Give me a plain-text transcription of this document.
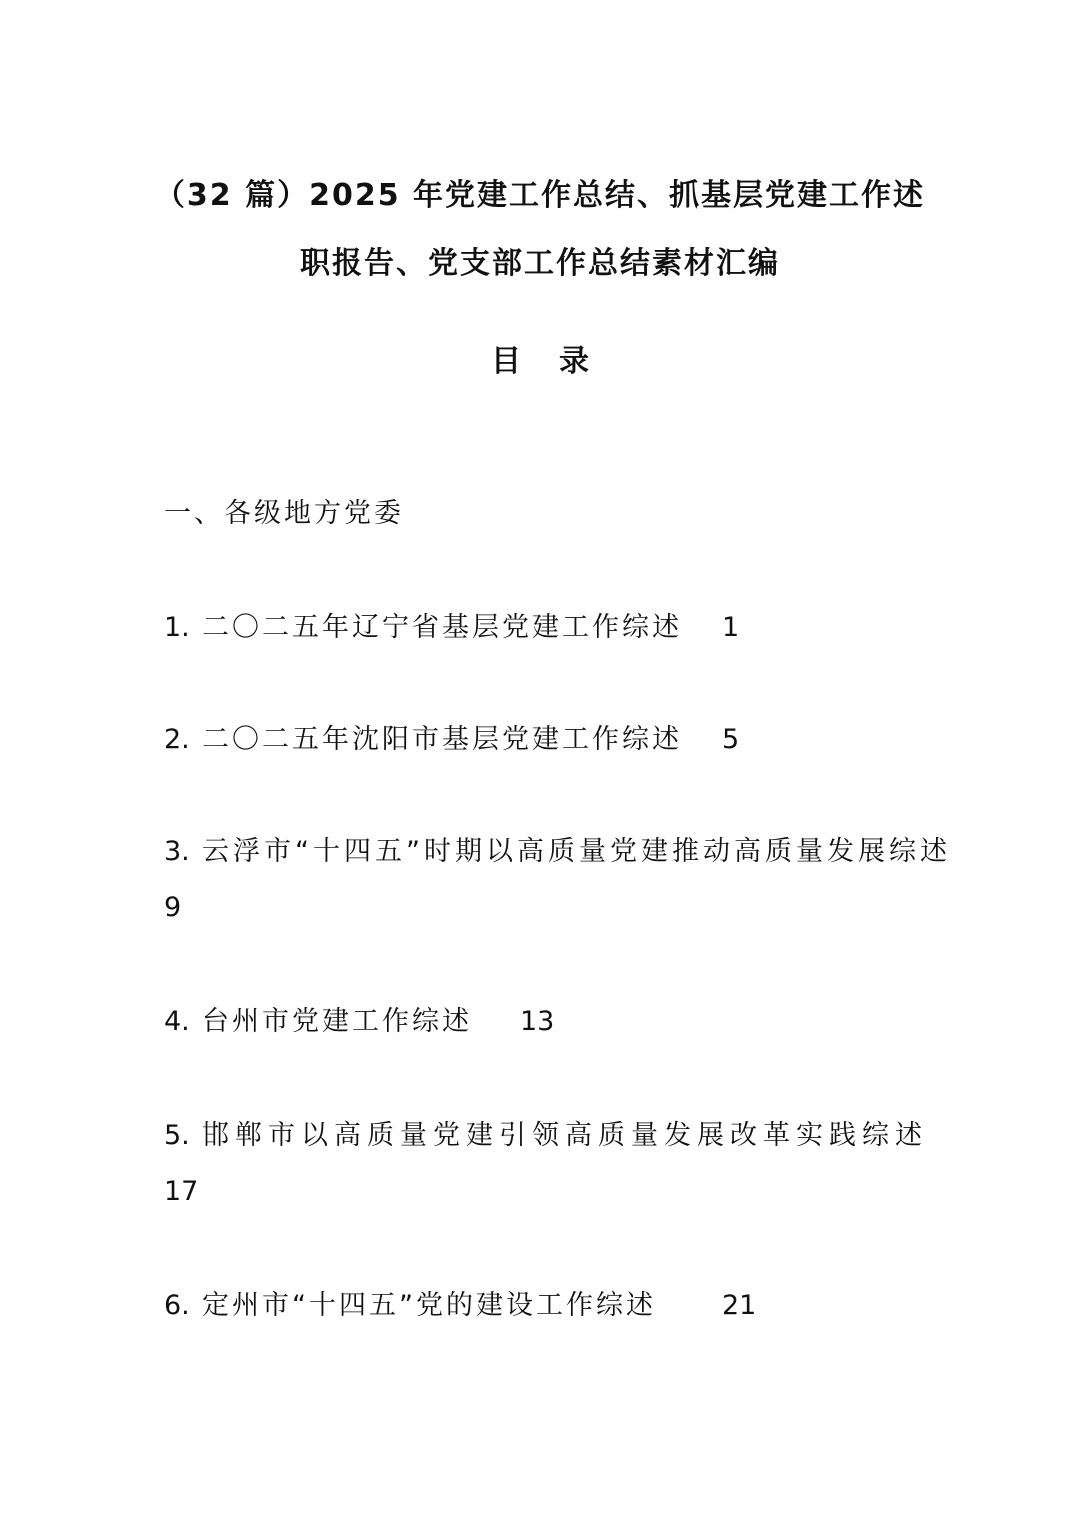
（32 篇）2025 年党建工作总结、抓基层党建工作述
职报告、党支部工作总结素材汇编
目录
一、各级地方党委
1. 二〇二五年辽宁省基层党建工作综述 1
2. 二〇二五年沈阳市基层党建工作综述 5
3. 云浮市“十四五”时期以高质量党建推动高质量发展综述
9
4. 台州市党建工作综述 13
5. 邯郸市以高质量党建引领高质量发展改革实践综述
17
6. 定州市“十四五”党的建设工作综述 21
